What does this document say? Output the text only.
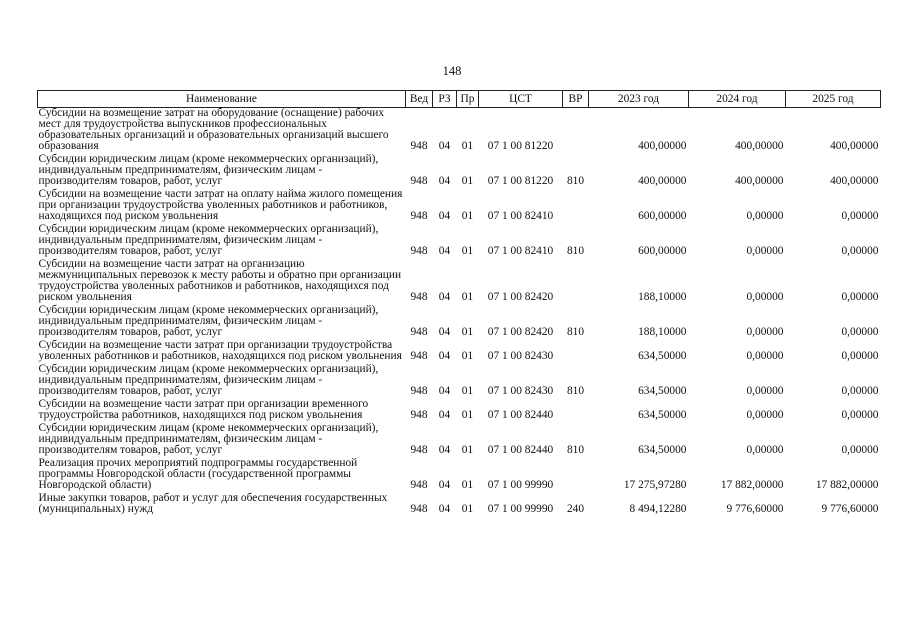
148
Наименование	Вед	РЗ	Пр	ЦСТ	ВР	2023 год	2024 год	2025 год
Субсидии на возмещение затрат на оборудование (оснащение) рабочих мест для трудоустройства выпускников профессиональных образовательных организаций и образовательных организаций высшего образования	948	04	01	07 1 00 81220		400,00000	400,00000	400,00000
Субсидии юридическим лицам (кроме некоммерческих организаций), индивидуальным предпринимателям, физическим лицам - производителям товаров, работ, услуг	948	04	01	07 1 00 81220	810	400,00000	400,00000	400,00000
Субсидии на возмещение части затрат на оплату найма жилого помещения при организации трудоустройства уволенных работников и работников, находящихся под риском увольнения	948	04	01	07 1 00 82410		600,00000	0,00000	0,00000
Субсидии юридическим лицам (кроме некоммерческих организаций), индивидуальным предпринимателям, физическим лицам - производителям товаров, работ, услуг	948	04	01	07 1 00 82410	810	600,00000	0,00000	0,00000
Субсидии на возмещение части затрат на организацию межмуниципальных перевозок к месту работы и обратно при организации трудоустройства уволенных работников и работников, находящихся под риском увольнения	948	04	01	07 1 00 82420		188,10000	0,00000	0,00000
Субсидии юридическим лицам (кроме некоммерческих организаций), индивидуальным предпринимателям, физическим лицам - производителям товаров, работ, услуг	948	04	01	07 1 00 82420	810	188,10000	0,00000	0,00000
Субсидии на возмещение части затрат при организации трудоустройства уволенных работников и работников, находящихся под риском увольнения	948	04	01	07 1 00 82430		634,50000	0,00000	0,00000
Субсидии юридическим лицам (кроме некоммерческих организаций), индивидуальным предпринимателям, физическим лицам - производителям товаров, работ, услуг	948	04	01	07 1 00 82430	810	634,50000	0,00000	0,00000
Субсидии на возмещение части затрат при организации временного трудоустройства работников, находящихся под риском увольнения	948	04	01	07 1 00 82440		634,50000	0,00000	0,00000
Субсидии юридическим лицам (кроме некоммерческих организаций), индивидуальным предпринимателям, физическим лицам - производителям товаров, работ, услуг	948	04	01	07 1 00 82440	810	634,50000	0,00000	0,00000
Реализация прочих мероприятий подпрограммы государственной программы Новгородской области (государственной программы Новгородской области)	948	04	01	07 1 00 99990		17 275,97280	17 882,00000	17 882,00000
Иные закупки товаров, работ и услуг для обеспечения государственных (муниципальных) нужд	948	04	01	07 1 00 99990	240	8 494,12280	9 776,60000	9 776,60000
